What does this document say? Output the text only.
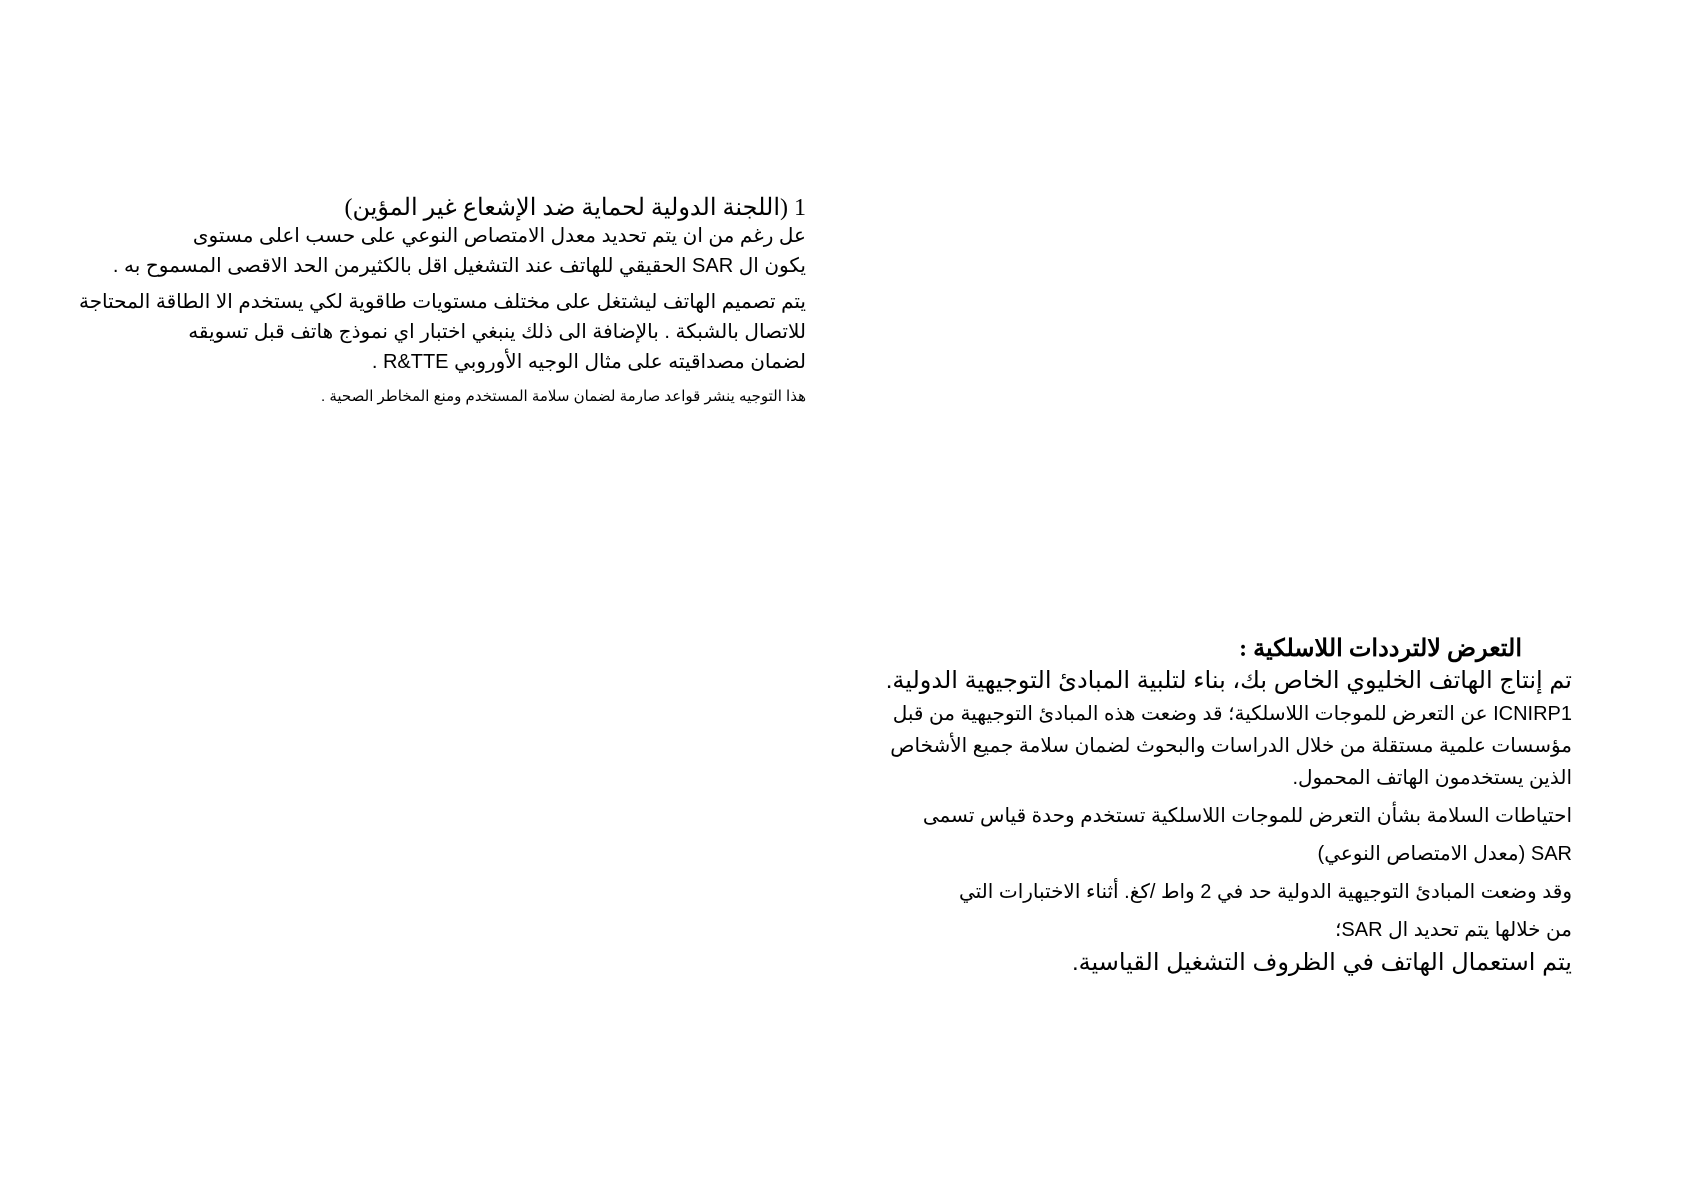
1 (اللجنة الدولية لحماية ضد الإشعاع غير المؤين)
عل رغم من ان يتم تحديد معدل الامتصاص النوعي على حسب اعلى مستوى
يكون ال SAR الحقيقي للهاتف عند التشغيل اقل بالكثيرمن الحد الاقصى المسموح به .
يتم تصميم الهاتف ليشتغل على مختلف مستويات طاقوية لكي يستخدم الا الطاقة المحتاجة
للاتصال بالشبكة . بالإضافة الى ذلك ينبغي اختبار اي نموذج هاتف قبل تسويقه
لضمان مصداقيته على مثال الوجيه الأوروبي R&TTE .
هذا التوجيه ينشر قواعد صارمة لضمان سلامة المستخدم ومنع المخاطر الصحية .
التعرض لالترددات اللاسلكية :
تم إنتاج الهاتف الخليوي الخاص بك، بناء لتلبية المبادئ التوجيهية الدولية.
ICNIRP1 عن التعرض للموجات اللاسلكية؛ قد وضعت هذه المبادئ التوجيهية من قبل
مؤسسات علمية مستقلة من خلال الدراسات والبحوث لضمان سلامة جميع الأشخاص
الذين يستخدمون الهاتف المحمول.
احتياطات السلامة بشأن التعرض للموجات اللاسلكية تستخدم وحدة قياس تسمى
SAR (معدل الامتصاص النوعي)
وقد وضعت المبادئ التوجيهية الدولية حد في 2 واط /كغ. أثناء الاختبارات التي
من خلالها يتم تحديد ال SAR؛
يتم استعمال الهاتف في الظروف التشغيل القياسية.
